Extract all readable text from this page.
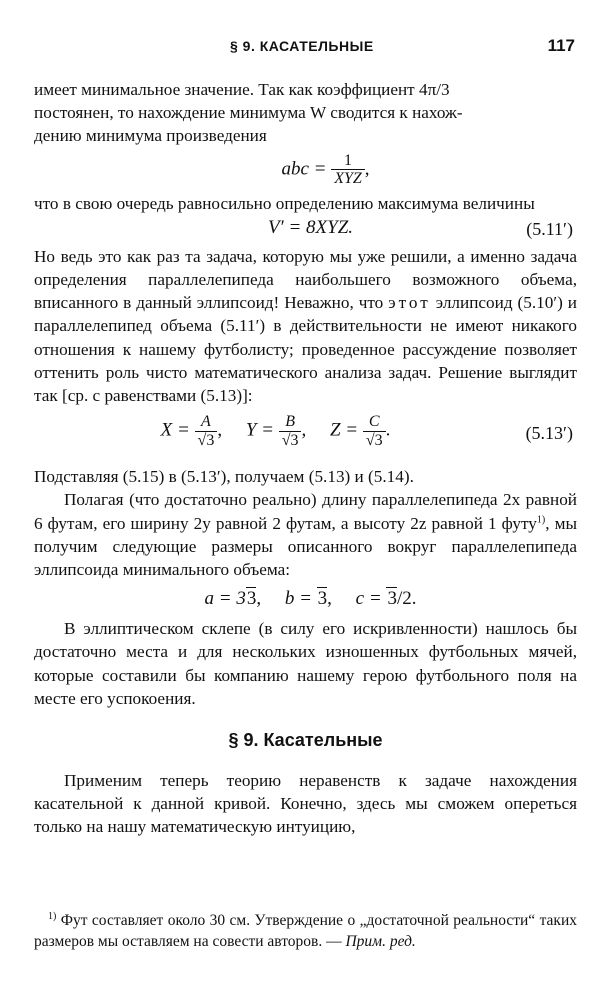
§ 9. КАСАТЕЛЬНЫЕ	117

имеет минимальное значение. Так как коэффициент 4π/3
постоянен, то нахождение минимума W сводится к нахож-
дению минимума произведения

abc = $\frac{1}{\text{XYZ}}$ ,

что в свою очередь равносильно определению максимума величины

V′ = 8XYZ.	(5.11′)

Но ведь это как раз та задача, которую мы уже решили, а именно задача определения параллелепипеда наибольшего возможного объема, вписанного в данный эллипсоид! Неважно, что этот эллипсоид (5.10′) и параллелепипед объема (5.11′) в действительности не имеют никакого отношения к нашему футболисту; проведенное рассуждение позволяет оттенить роль чисто математического анализа задач. Решение выглядит так [ср. с равенствами (5.13)]:

$X = \frac{A}{√3}$ , $Y = \frac{B}{√3}$ , $Z = \frac{C}{√3}$ .	(5.13′)

Подставляя (5.15) в (5.13′), получаем (5.13) и (5.14).

Полагая (что достаточно реально) длину параллелепипеда 2x равной 6 футам, его ширину 2y равной 2 футам, а высоту 2z равной 1 футу$^{1)}$, мы получим следующие размеры описанного вокруг параллелепипеда эллипсоида минимального объема:

a = 33, b = 3, c = 3/2.

В эллиптическом склепе (в силу его искривленности) нашлось бы достаточно места и для нескольких изношенных футбольных мячей, которые составили бы компанию нашему герою футбольного поля на месте его успокоения.

§ 9. Касательные

Применим теперь теорию неравенств к задаче нахождения касательной к данной кривой. Конечно, здесь мы сможем опереться только на нашу математическую интуицию,

$^{1)}$ Фут составляет около 30 см. Утверждение о „достаточной реальности“ таких размеров мы оставляем на совести авторов. — Прим. ред.
